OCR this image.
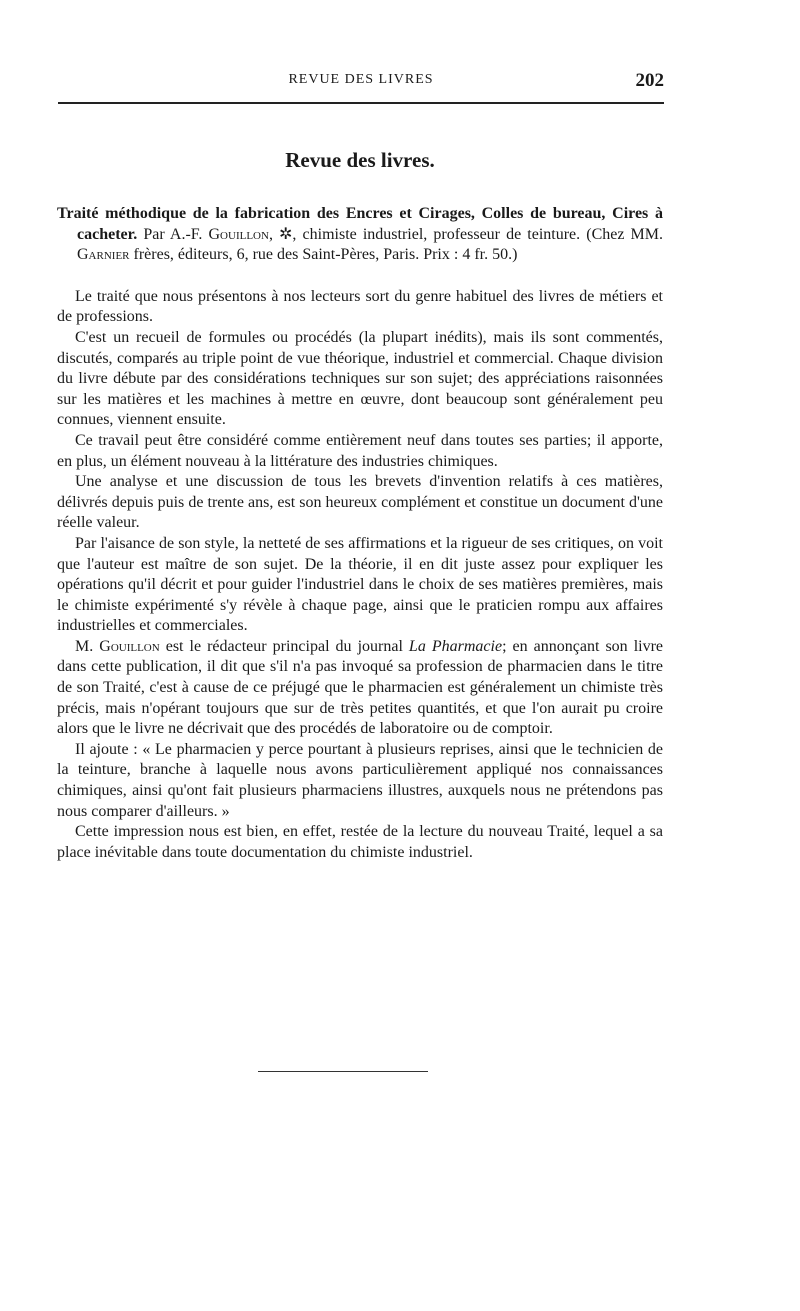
REVUE DES LIVRES	202
Revue des livres.

Traité méthodique de la fabrication des Encres et Cirages, Colles de bureau, Cires à cacheter. Par A.-F. Gouillon, ✲, chimiste industriel, professeur de teinture. (Chez MM. Garnier frères, éditeurs, 6, rue des Saint-Pères, Paris. Prix : 4 fr. 50.)

Le traité que nous présentons à nos lecteurs sort du genre habituel des livres de métiers et de professions.

C'est un recueil de formules ou procédés (la plupart inédits), mais ils sont commentés, discutés, comparés au triple point de vue théorique, industriel et commercial. Chaque division du livre débute par des considérations techniques sur son sujet; des appréciations raisonnées sur les matières et les machines à mettre en œuvre, dont beaucoup sont généralement peu connues, viennent ensuite.

Ce travail peut être considéré comme entièrement neuf dans toutes ses parties; il apporte, en plus, un élément nouveau à la littérature des industries chimiques.

Une analyse et une discussion de tous les brevets d'invention relatifs à ces matières, délivrés depuis puis de trente ans, est son heureux complément et constitue un document d'une réelle valeur.

Par l'aisance de son style, la netteté de ses affirmations et la rigueur de ses critiques, on voit que l'auteur est maître de son sujet. De la théorie, il en dit juste assez pour expliquer les opérations qu'il décrit et pour guider l'industriel dans le choix de ses matières premières, mais le chimiste expérimenté s'y révèle à chaque page, ainsi que le praticien rompu aux affaires industrielles et commerciales.

M. Gouillon est le rédacteur principal du journal La Pharmacie; en annonçant son livre dans cette publication, il dit que s'il n'a pas invoqué sa profession de pharmacien dans le titre de son Traité, c'est à cause de ce préjugé que le pharmacien est généralement un chimiste très précis, mais n'opérant toujours que sur de très petites quantités, et que l'on aurait pu croire alors que le livre ne décrivait que des procédés de laboratoire ou de comptoir.

Il ajoute : « Le pharmacien y perce pourtant à plusieurs reprises, ainsi que le technicien de la teinture, branche à laquelle nous avons particulièrement appliqué nos connaissances chimiques, ainsi qu'ont fait plusieurs pharmaciens illustres, auxquels nous ne prétendons pas nous comparer d'ailleurs. »

Cette impression nous est bien, en effet, restée de la lecture du nouveau Traité, lequel a sa place inévitable dans toute documentation du chimiste industriel.
